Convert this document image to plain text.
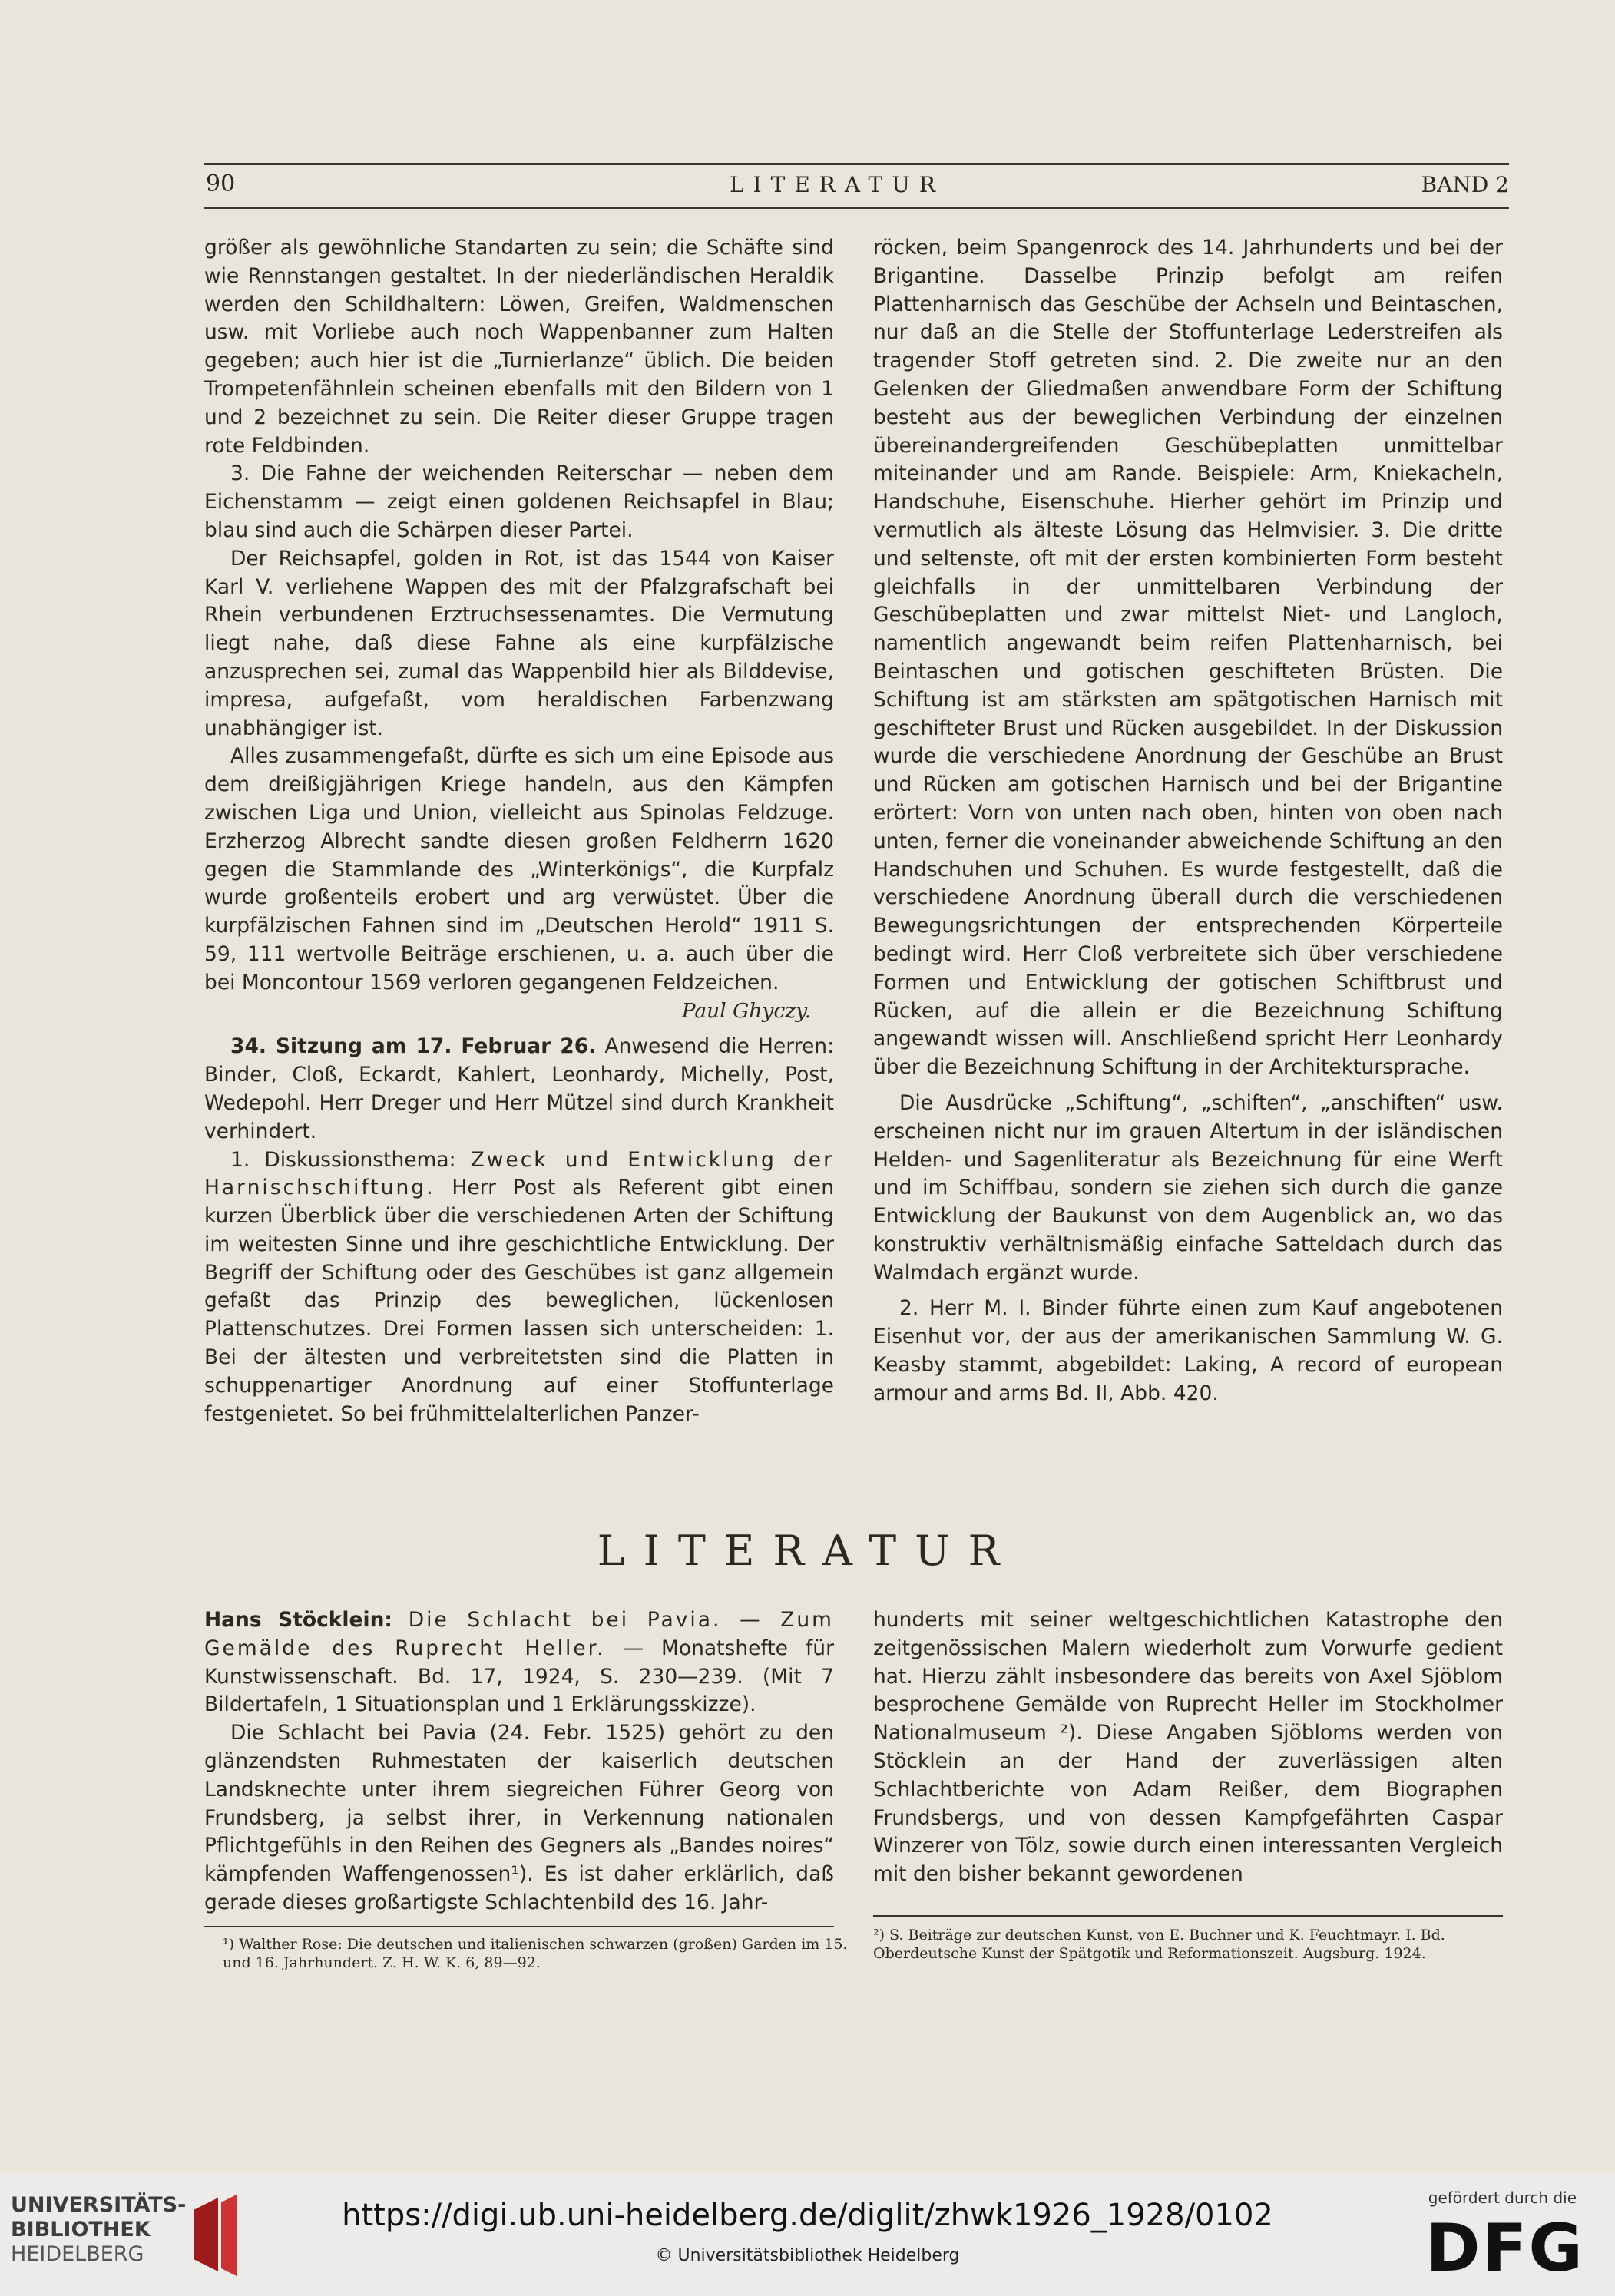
90	LITERATUR	BAND 2

größer als gewöhnliche Standarten zu sein; die Schäfte sind wie Rennstangen gestaltet. In der niederländischen Heraldik werden den Schildhaltern: Löwen, Greifen, Waldmenschen usw. mit Vorliebe auch noch Wappenbanner zum Halten gegeben; auch hier ist die „Turnierlanze“ üblich. Die beiden Trompetenfähnlein scheinen ebenfalls mit den Bildern von 1 und 2 bezeichnet zu sein. Die Reiter dieser Gruppe tragen rote Feldbinden.

3. Die Fahne der weichenden Reiterschar — neben dem Eichenstamm — zeigt einen goldenen Reichsapfel in Blau; blau sind auch die Schärpen dieser Partei.

Der Reichsapfel, golden in Rot, ist das 1544 von Kaiser Karl V. verliehene Wappen des mit der Pfalzgrafschaft bei Rhein verbundenen Erztruchsessenamtes. Die Vermutung liegt nahe, daß diese Fahne als eine kurpfälzische anzusprechen sei, zumal das Wappenbild hier als Bilddevise, impresa, aufgefaßt, vom heraldischen Farbenzwang unabhängiger ist.

Alles zusammengefaßt, dürfte es sich um eine Episode aus dem dreißigjährigen Kriege handeln, aus den Kämpfen zwischen Liga und Union, vielleicht aus Spinolas Feldzuge. Erzherzog Albrecht sandte diesen großen Feldherrn 1620 gegen die Stammlande des „Winterkönigs“, die Kurpfalz wurde großenteils erobert und arg verwüstet. Über die kurpfälzischen Fahnen sind im „Deutschen Herold“ 1911 S. 59, 111 wertvolle Beiträge erschienen, u. a. auch über die bei Moncontour 1569 verloren gegangenen Feldzeichen.

Paul Ghyczy.

34. Sitzung am 17. Februar 26. Anwesend die Herren: Binder, Cloß, Eckardt, Kahlert, Leonhardy, Michelly, Post, Wedepohl. Herr Dreger und Herr Mützel sind durch Krankheit verhindert.

1. Diskussionsthema: Zweck und Entwicklung der Harnischschiftung. Herr Post als Referent gibt einen kurzen Überblick über die verschiedenen Arten der Schiftung im weitesten Sinne und ihre geschichtliche Entwicklung. Der Begriff der Schiftung oder des Geschübes ist ganz allgemein gefaßt das Prinzip des beweglichen, lückenlosen Plattenschutzes. Drei Formen lassen sich unterscheiden: 1. Bei der ältesten und verbreitetsten sind die Platten in schuppenartiger Anordnung auf einer Stoffunterlage festgenietet. So bei frühmittelalterlichen Panzer-

röcken, beim Spangenrock des 14. Jahrhunderts und bei der Brigantine. Dasselbe Prinzip befolgt am reifen Plattenharnisch das Geschübe der Achseln und Beintaschen, nur daß an die Stelle der Stoffunterlage Lederstreifen als tragender Stoff getreten sind. 2. Die zweite nur an den Gelenken der Gliedmaßen anwendbare Form der Schiftung besteht aus der beweglichen Verbindung der einzelnen übereinandergreifenden Geschübeplatten unmittelbar miteinander und am Rande. Beispiele: Arm, Kniekacheln, Handschuhe, Eisenschuhe. Hierher gehört im Prinzip und vermutlich als älteste Lösung das Helmvisier. 3. Die dritte und seltenste, oft mit der ersten kombinierten Form besteht gleichfalls in der unmittelbaren Verbindung der Geschübeplatten und zwar mittelst Niet- und Langloch, namentlich angewandt beim reifen Plattenharnisch, bei Beintaschen und gotischen geschifteten Brüsten. Die Schiftung ist am stärksten am spätgotischen Harnisch mit geschifteter Brust und Rücken ausgebildet. In der Diskussion wurde die verschiedene Anordnung der Geschübe an Brust und Rücken am gotischen Harnisch und bei der Brigantine erörtert: Vorn von unten nach oben, hinten von oben nach unten, ferner die voneinander abweichende Schiftung an den Handschuhen und Schuhen. Es wurde festgestellt, daß die verschiedene Anordnung überall durch die verschiedenen Bewegungsrichtungen der entsprechenden Körperteile bedingt wird. Herr Cloß verbreitete sich über verschiedene Formen und Entwicklung der gotischen Schiftbrust und Rücken, auf die allein er die Bezeichnung Schiftung angewandt wissen will. Anschließend spricht Herr Leonhardy über die Bezeichnung Schiftung in der Architektursprache.

Die Ausdrücke „Schiftung“, „schiften“, „anschiften“ usw. erscheinen nicht nur im grauen Altertum in der isländischen Helden- und Sagenliteratur als Bezeichnung für eine Werft und im Schiffbau, sondern sie ziehen sich durch die ganze Entwicklung der Baukunst von dem Augenblick an, wo das konstruktiv verhältnismäßig einfache Satteldach durch das Walmdach ergänzt wurde.

2. Herr M. I. Binder führte einen zum Kauf angebotenen Eisenhut vor, der aus der amerikanischen Sammlung W. G. Keasby stammt, abgebildet: Laking, A record of european armour and arms Bd. II, Abb. 420.

LITERATUR

Hans Stöcklein: Die Schlacht bei Pavia. — Zum Gemälde des Ruprecht Heller. — Monatshefte für Kunstwissenschaft. Bd. 17, 1924, S. 230—239. (Mit 7 Bildertafeln, 1 Situationsplan und 1 Erklärungsskizze).

Die Schlacht bei Pavia (24. Febr. 1525) gehört zu den glänzendsten Ruhmestaten der kaiserlich deutschen Landsknechte unter ihrem siegreichen Führer Georg von Frundsberg, ja selbst ihrer, in Verkennung nationalen Pflichtgefühls in den Reihen des Gegners als „Bandes noires“ kämpfenden Waffengenossen¹). Es ist daher erklärlich, daß gerade dieses großartigste Schlachtenbild des 16. Jahr-

hunderts mit seiner weltgeschichtlichen Katastrophe den zeitgenössischen Malern wiederholt zum Vorwurfe gedient hat. Hierzu zählt insbesondere das bereits von Axel Sjöblom besprochene Gemälde von Ruprecht Heller im Stockholmer Nationalmuseum ²). Diese Angaben Sjöbloms werden von Stöcklein an der Hand der zuverlässigen alten Schlachtberichte von Adam Reißer, dem Biographen Frundsbergs, und von dessen Kampfgefährten Caspar Winzerer von Tölz, sowie durch einen interessanten Vergleich mit den bisher bekannt gewordenen

¹) Walther Rose: Die deutschen und italienischen schwarzen (großen) Garden im 15. und 16. Jahrhundert. Z. H. W. K. 6, 89—92.
²) S. Beiträge zur deutschen Kunst, von E. Buchner und K. Feuchtmayr. I. Bd. Oberdeutsche Kunst der Spätgotik und Reformationszeit. Augsburg. 1924.
UNIVERSITÄTS-
BIBLIOTHEK
HEIDELBERG
https://digi.ub.uni-heidelberg.de/diglit/zhwk1926_1928/0102
© Universitätsbibliothek Heidelberg
gefördert durch die
DFG
